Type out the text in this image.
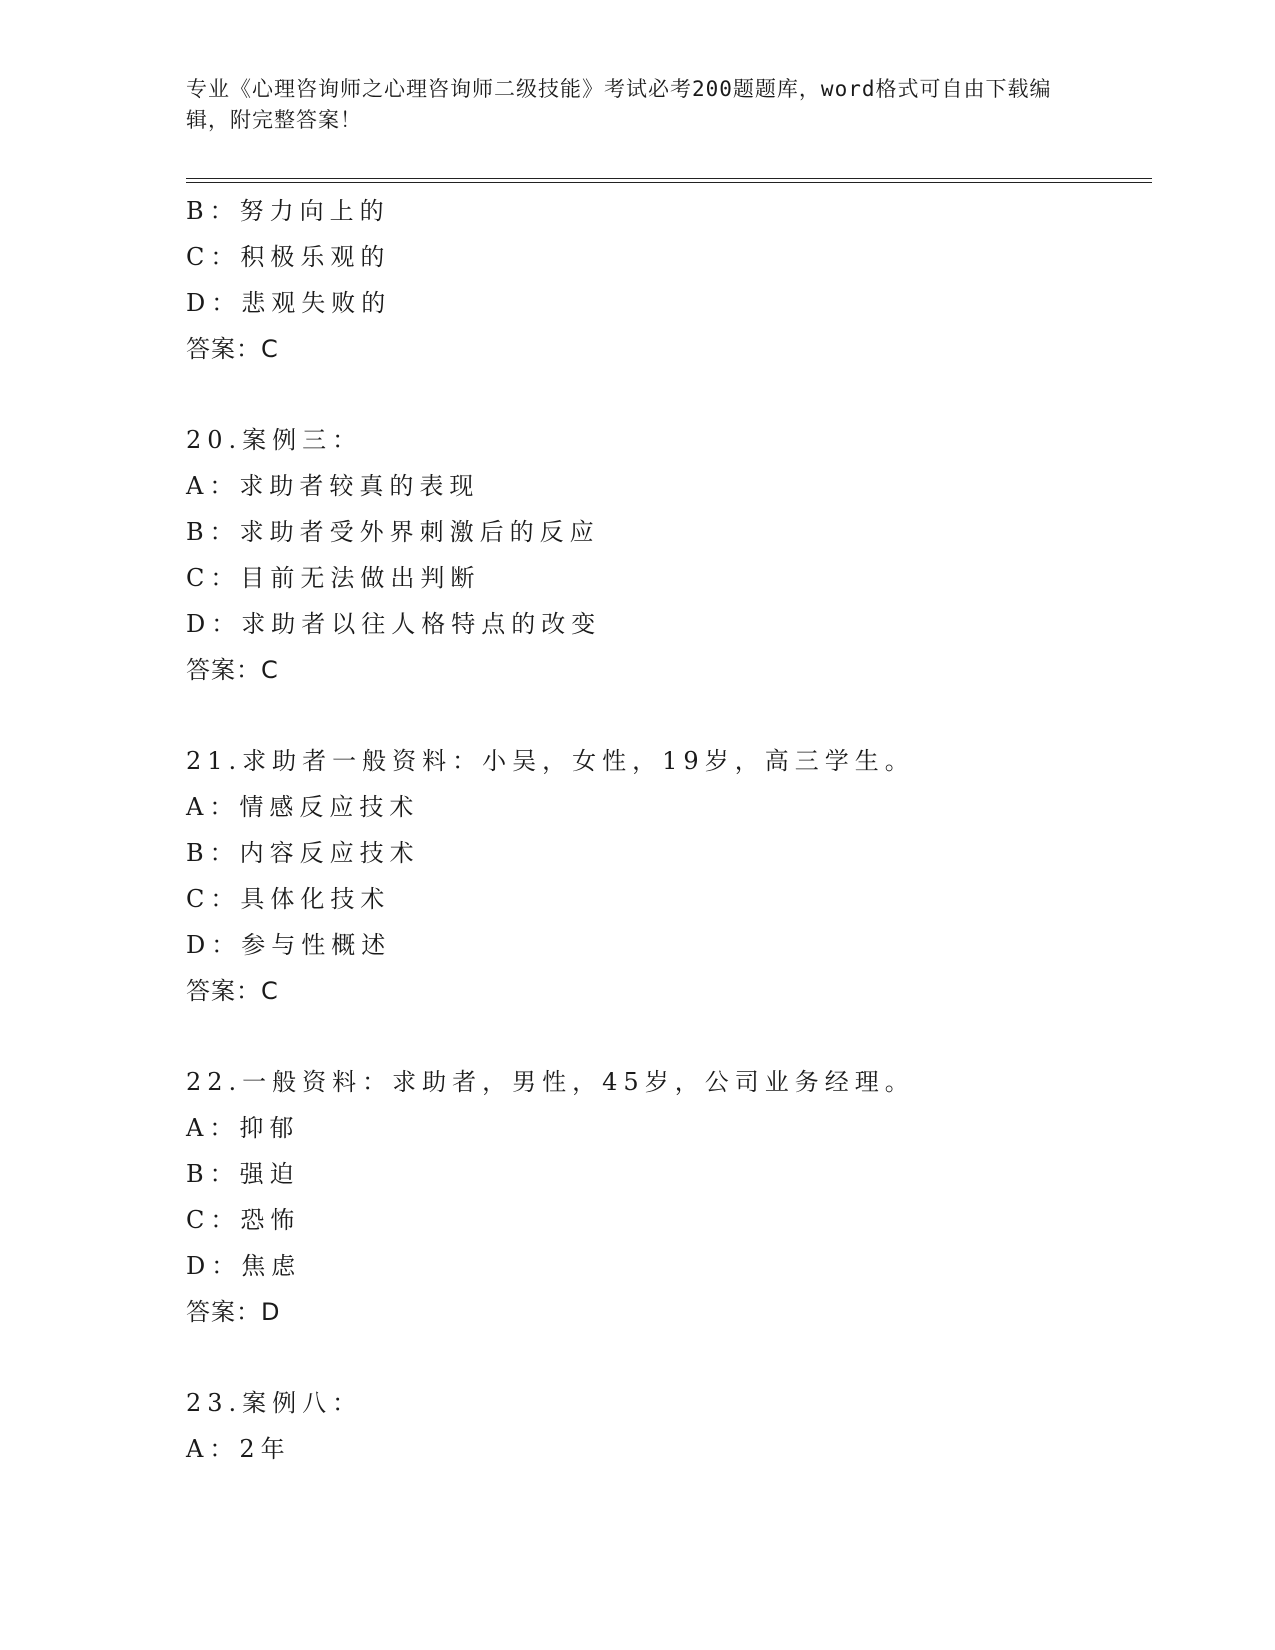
专业《心理咨询师之心理咨询师二级技能》考试必考200题题库，word格式可自由下载编辑，附完整答案！
B：努力向上的
C：积极乐观的
D：悲观失败的
答案：C
20.案例三：
A：求助者较真的表现
B：求助者受外界刺激后的反应
C：目前无法做出判断
D：求助者以往人格特点的改变
答案：C
21.求助者一般资料：小吴，女性，19岁，高三学生。
A：情感反应技术
B：内容反应技术
C：具体化技术
D：参与性概述
答案：C
22.一般资料：求助者，男性，45岁，公司业务经理。
A：抑郁
B：强迫
C：恐怖
D：焦虑
答案：D
23.案例八：
A：2年
